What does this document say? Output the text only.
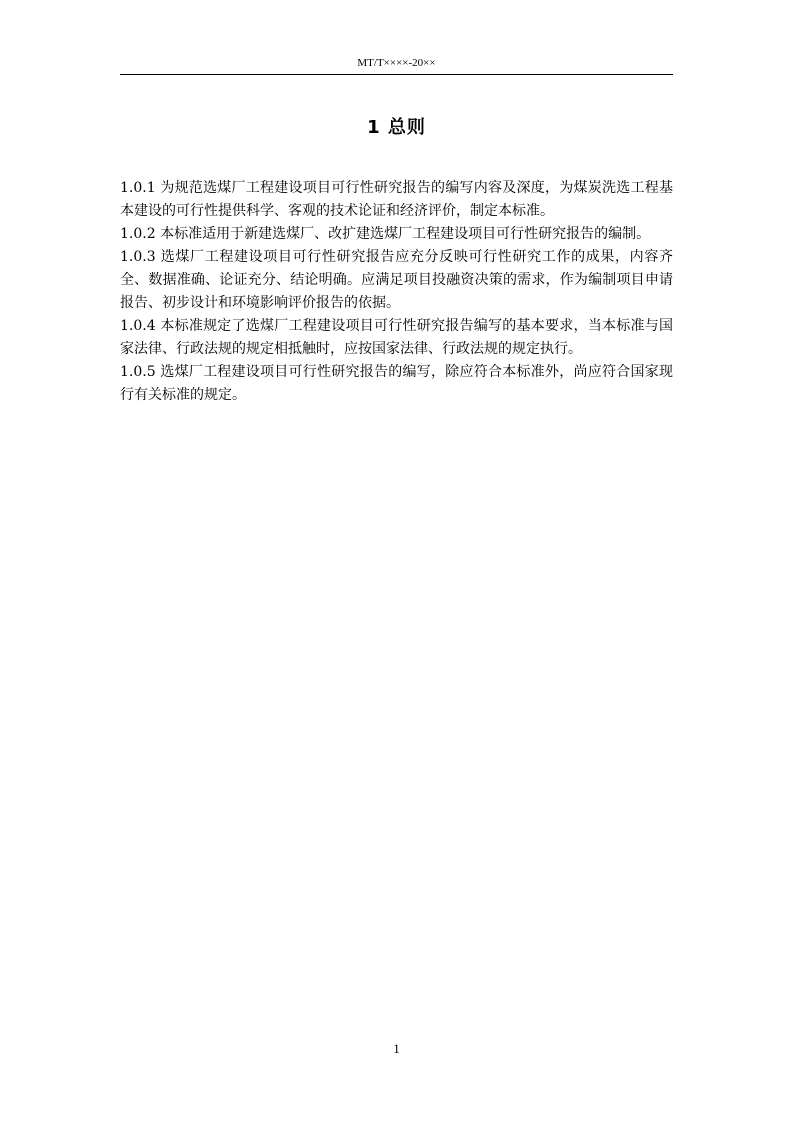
MT/T××××-20××
1 总则

1.0.1 为规范选煤厂工程建设项目可行性研究报告的编写内容及深度，为煤炭洗选工程基本建设的可行性提供科学、客观的技术论证和经济评价，制定本标准。

1.0.2 本标准适用于新建选煤厂、改扩建选煤厂工程建设项目可行性研究报告的编制。

1.0.3 选煤厂工程建设项目可行性研究报告应充分反映可行性研究工作的成果，内容齐全、数据准确、论证充分、结论明确。应满足项目投融资决策的需求，作为编制项目申请报告、初步设计和环境影响评价报告的依据。

1.0.4 本标准规定了选煤厂工程建设项目可行性研究报告编写的基本要求，当本标准与国家法律、行政法规的规定相抵触时，应按国家法律、行政法规的规定执行。

1.0.5 选煤厂工程建设项目可行性研究报告的编写，除应符合本标准外，尚应符合国家现行有关标准的规定。

1
